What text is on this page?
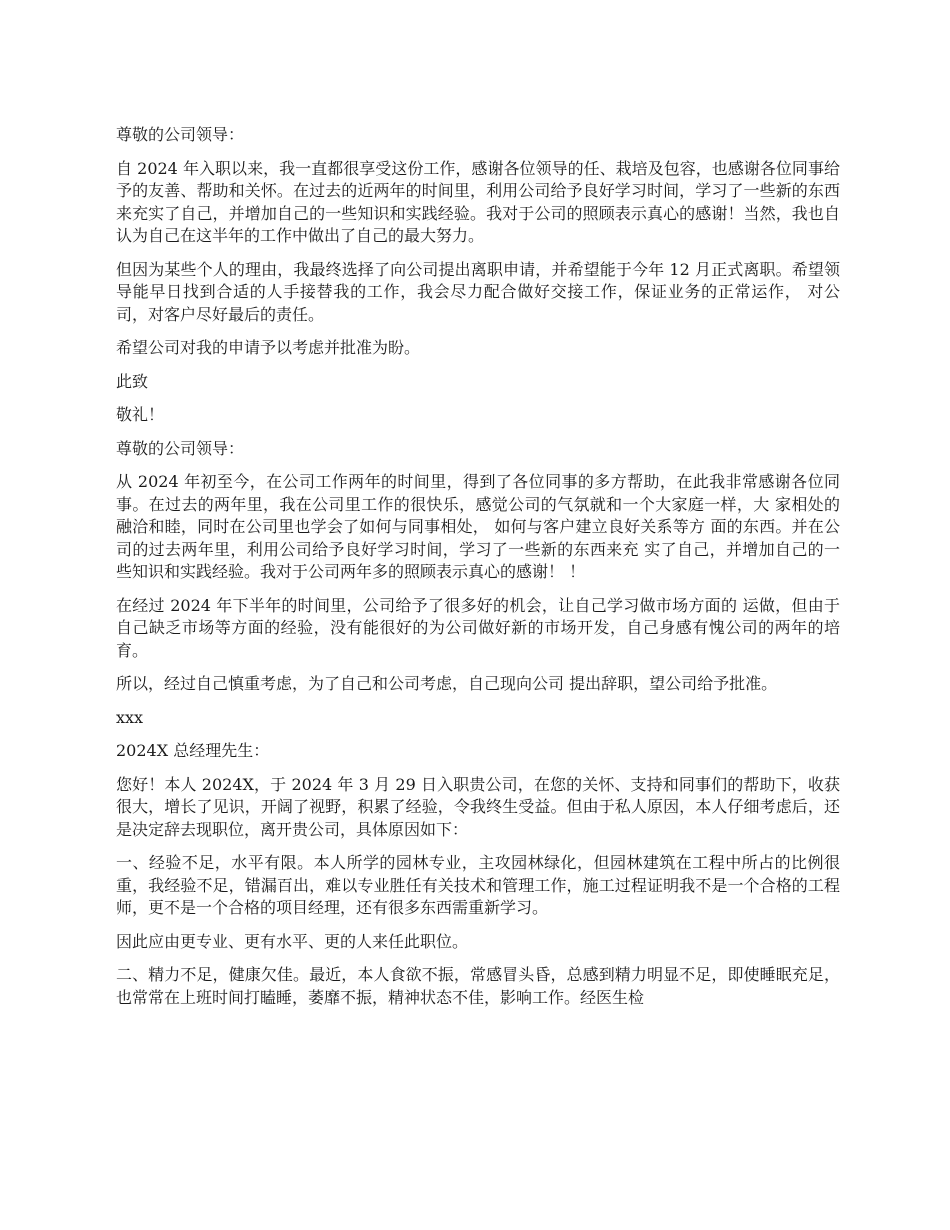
尊敬的公司领导：

自 2024 年入职以来，我一直都很享受这份工作，感谢各位领导的任、栽培及包容，也感谢各位同事给予的友善、帮助和关怀。在过去的近两年的时间里，利用公司给予良好学习时间，学习了一些新的东西来充实了自己，并增加自己的一些知识和实践经验。我对于公司的照顾表示真心的感谢！当然，我也自认为自己在这半年的工作中做出了自己的最大努力。

但因为某些个人的理由，我最终选择了向公司提出离职申请，并希望能于今年 12 月正式离职。希望领导能早日找到合适的人手接替我的工作，我会尽力配合做好交接工作，保证业务的正常运作， 对公司，对客户尽好最后的责任。

希望公司对我的申请予以考虑并批准为盼。

此致

敬礼！

尊敬的公司领导：

从 2024 年初至今，在公司工作两年的时间里，得到了各位同事的多方帮助，在此我非常感谢各位同事。在过去的两年里，我在公司里工作的很快乐，感觉公司的气氛就和一个大家庭一样，大 家相处的融洽和睦，同时在公司里也学会了如何与同事相处， 如何与客户建立良好关系等方 面的东西。并在公司的过去两年里，利用公司给予良好学习时间，学习了一些新的东西来充 实了自己，并增加自己的一些知识和实践经验。我对于公司两年多的照顾表示真心的感谢！ ！

在经过 2024 年下半年的时间里，公司给予了很多好的机会，让自己学习做市场方面的 运做，但由于自己缺乏市场等方面的经验，没有能很好的为公司做好新的市场开发，自己身感有愧公司的两年的培育。

所以，经过自己慎重考虑，为了自己和公司考虑，自己现向公司 提出辞职，望公司给予批准。

xxx

2024X 总经理先生：

您好！本人 2024X，于 2024 年 3 月 29 日入职贵公司，在您的关怀、支持和同事们的帮助下，收获很大，增长了见识，开阔了视野，积累了经验，令我终生受益。但由于私人原因，本人仔细考虑后，还是决定辞去现职位，离开贵公司，具体原因如下：

一、经验不足，水平有限。本人所学的园林专业，主攻园林绿化，但园林建筑在工程中所占的比例很重，我经验不足，错漏百出，难以专业胜任有关技术和管理工作，施工过程证明我不是一个合格的工程师，更不是一个合格的项目经理，还有很多东西需重新学习。

因此应由更专业、更有水平、更的人来任此职位。

二、精力不足，健康欠佳。最近，本人食欲不振，常感冒头昏，总感到精力明显不足，即使睡眠充足，也常常在上班时间打瞌睡，萎靡不振，精神状态不佳，影响工作。经医生检
